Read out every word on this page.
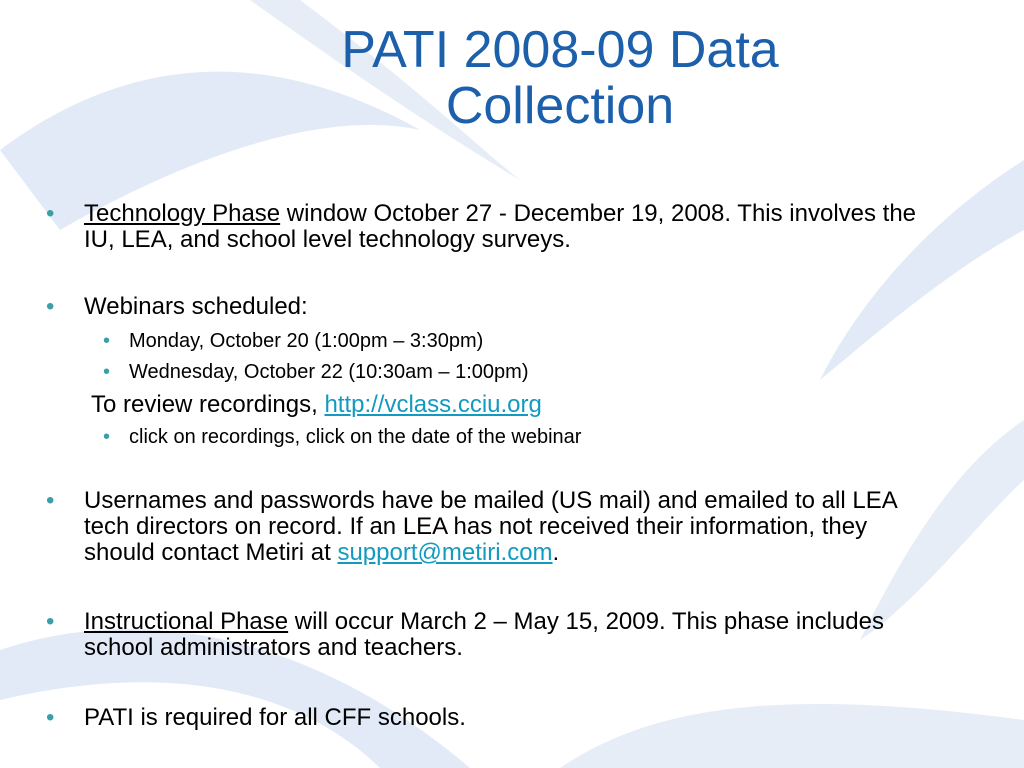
PATI 2008-09 Data
Collection
• Technology Phase window October 27 - December 19, 2008. This involves the IU, LEA, and school level technology surveys.
• Webinars scheduled:
• Monday, October 20 (1:00pm – 3:30pm)
• Wednesday, October 22 (10:30am – 1:00pm)
To review recordings, http://vclass.cciu.org
• click on recordings, click on the date of the webinar
• Usernames and passwords have be mailed (US mail) and emailed to all LEA tech directors on record. If an LEA has not received their information, they should contact Metiri at support@metiri.com.
• Instructional Phase will occur March 2 – May 15, 2009. This phase includes school administrators and teachers.
• PATI is required for all CFF schools.
